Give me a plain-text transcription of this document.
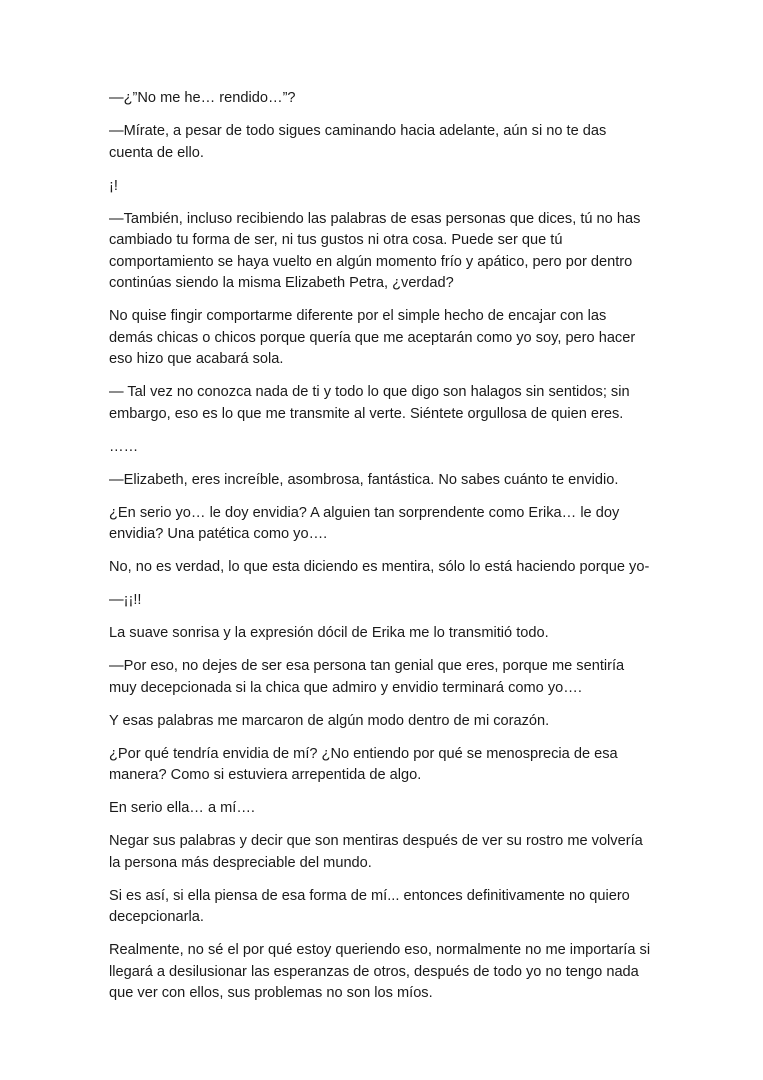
—¿”No me he… rendido…”?

—Mírate, a pesar de todo sigues caminando hacia adelante, aún si no te das cuenta de ello.

¡!

—También, incluso recibiendo las palabras de esas personas que dices, tú no has cambiado tu forma de ser, ni tus gustos ni otra cosa. Puede ser que tú comportamiento se haya vuelto en algún momento frío y apático, pero por dentro continúas siendo la misma Elizabeth Petra, ¿verdad?

No quise fingir comportarme diferente por el simple hecho de encajar con las demás chicas o chicos porque quería que me aceptarán como yo soy, pero hacer eso hizo que acabará sola.

— Tal vez no conozca nada de ti y todo lo que digo son halagos sin sentidos; sin embargo, eso es lo que me transmite al verte. Siéntete orgullosa de quien eres.

……

—Elizabeth, eres increíble, asombrosa, fantástica. No sabes cuánto te envidio.

¿En serio yo… le doy envidia? A alguien tan sorprendente como Erika… le doy envidia? Una patética como yo….

No, no es verdad, lo que esta diciendo es mentira, sólo lo está haciendo porque yo-

—¡¡!!

La suave sonrisa y la expresión dócil de Erika me lo transmitió todo.

—Por eso, no dejes de ser esa persona tan genial que eres, porque me sentiría muy decepcionada si la chica que admiro y envidio terminará como yo….

Y esas palabras me marcaron de algún modo dentro de mi corazón.

¿Por qué tendría envidia de mí? ¿No entiendo por qué se menosprecia de esa manera? Como si estuviera arrepentida de algo.

En serio ella… a mí….

Negar sus palabras y decir que son mentiras después de ver su rostro me volvería la persona más despreciable del mundo.

Si es así, si ella piensa de esa forma de mí... entonces definitivamente no quiero decepcionarla.

Realmente, no sé el por qué estoy queriendo eso, normalmente no me importaría si llegará a desilusionar las esperanzas de otros, después de todo yo no tengo nada que ver con ellos, sus problemas no son los míos.
